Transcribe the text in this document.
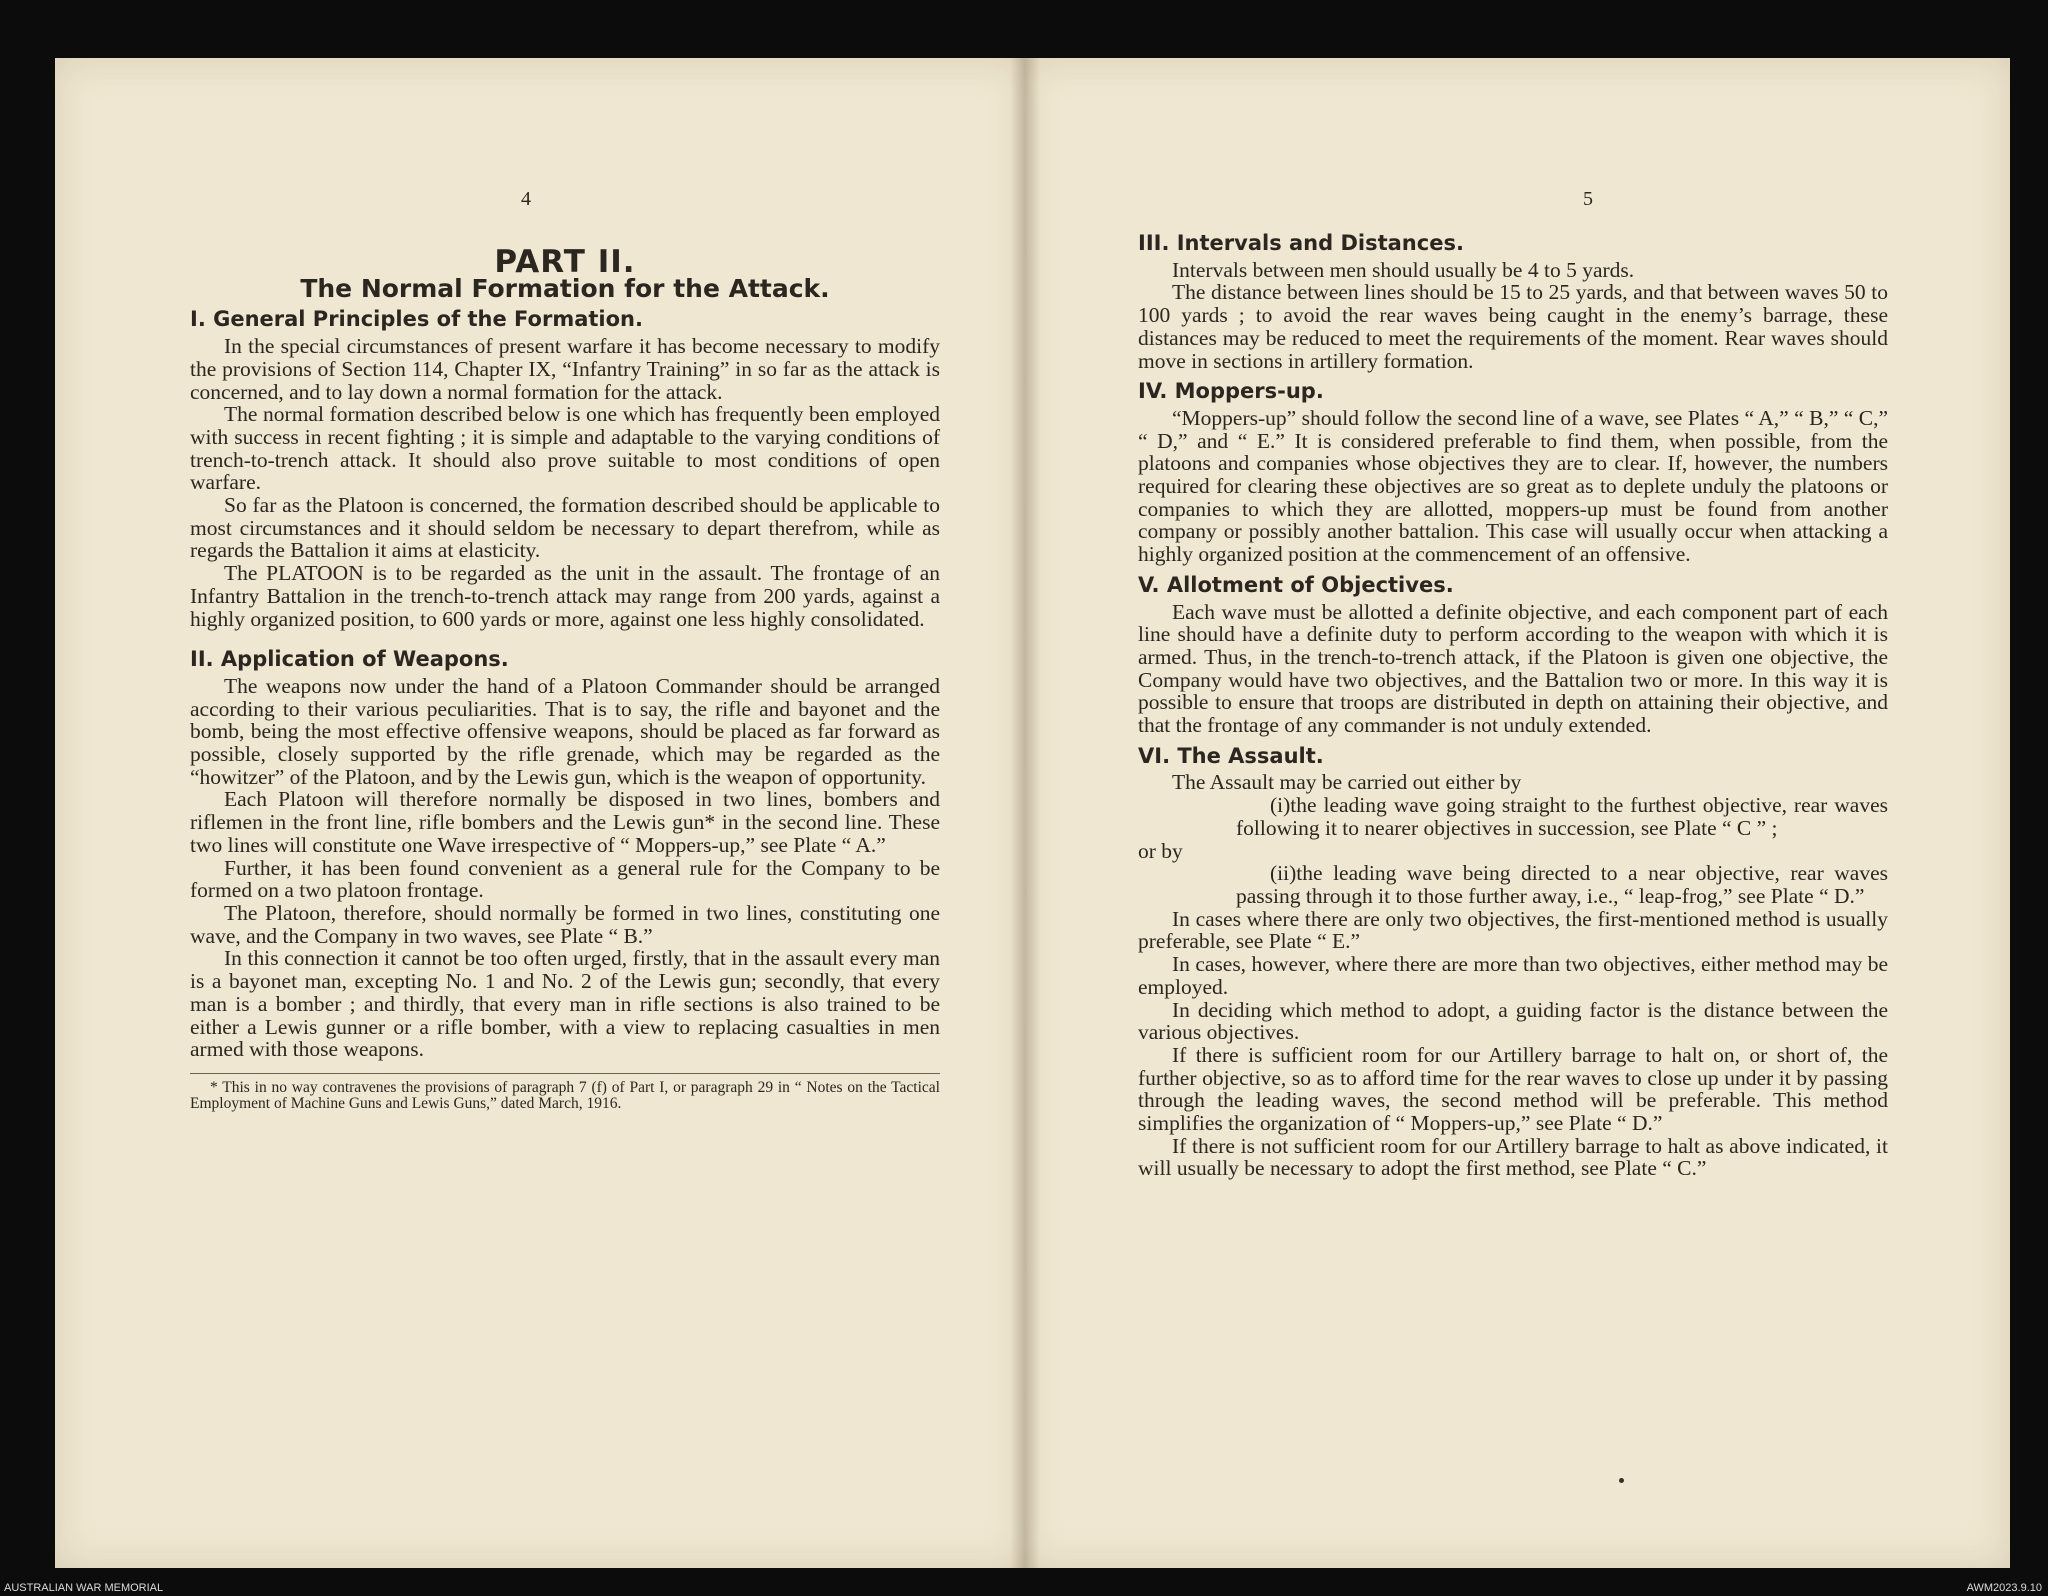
4
PART II.
The Normal Formation for the Attack.
I. General Principles of the Formation.

In the special circumstances of present warfare it has become necessary to modify the provisions of Section 114, Chapter IX, “Infantry Training” in so far as the attack is concerned, and to lay down a normal formation for the attack.

The normal formation described below is one which has frequently been employed with success in recent fighting ; it is simple and adaptable to the varying conditions of trench-to-trench attack. It should also prove suitable to most conditions of open warfare.

So far as the Platoon is concerned, the formation described should be applicable to most circumstances and it should seldom be necessary to depart therefrom, while as regards the Battalion it aims at elasticity.

The PLATOON is to be regarded as the unit in the assault. The frontage of an Infantry Battalion in the trench-to-trench attack may range from 200 yards, against a highly organized position, to 600 yards or more, against one less highly consolidated.

II. Application of Weapons.

The weapons now under the hand of a Platoon Commander should be arranged according to their various peculiarities. That is to say, the rifle and bayonet and the bomb, being the most effective offensive weapons, should be placed as far forward as possible, closely supported by the rifle grenade, which may be regarded as the “howitzer” of the Platoon, and by the Lewis gun, which is the weapon of opportunity.

Each Platoon will therefore normally be disposed in two lines, bombers and riflemen in the front line, rifle bombers and the Lewis gun* in the second line. These two lines will constitute one Wave irrespective of “ Moppers-up,” see Plate “ A.”

Further, it has been found convenient as a general rule for the Company to be formed on a two platoon frontage.

The Platoon, therefore, should normally be formed in two lines, constituting one wave, and the Company in two waves, see Plate “ B.”

In this connection it cannot be too often urged, firstly, that in the assault every man is a bayonet man, excepting No. 1 and No. 2 of the Lewis gun; secondly, that every man is a bomber ; and thirdly, that every man in rifle sections is also trained to be either a Lewis gunner or a rifle bomber, with a view to replacing casualties in men armed with those weapons.

* This in no way contravenes the provisions of paragraph 7 (f) of Part I, or paragraph 29 in “ Notes on the Tactical Employment of Machine Guns and Lewis Guns,” dated March, 1916.

5
III. Intervals and Distances.

Intervals between men should usually be 4 to 5 yards.

The distance between lines should be 15 to 25 yards, and that between waves 50 to 100 yards ; to avoid the rear waves being caught in the enemy’s barrage, these distances may be reduced to meet the requirements of the moment. Rear waves should move in sections in artillery formation.

IV. Moppers-up.

“Moppers-up” should follow the second line of a wave, see Plates “ A,” “ B,” “ C,” “ D,” and “ E.” It is considered preferable to find them, when possible, from the platoons and companies whose objectives they are to clear. If, however, the numbers required for clearing these objectives are so great as to deplete unduly the platoons or companies to which they are allotted, moppers-up must be found from another company or possibly another battalion. This case will usually occur when attacking a highly organized position at the commencement of an offensive.

V. Allotment of Objectives.

Each wave must be allotted a definite objective, and each component part of each line should have a definite duty to perform according to the weapon with which it is armed. Thus, in the trench-to-trench attack, if the Platoon is given one objective, the Company would have two objectives, and the Battalion two or more. In this way it is possible to ensure that troops are distributed in depth on attaining their objective, and that the frontage of any commander is not unduly extended.

VI. The Assault.

The Assault may be carried out either by

(i)the leading wave going straight to the furthest objective, rear waves following it to nearer objectives in succession, see Plate “ C ” ;

or by

(ii)the leading wave being directed to a near objective, rear waves passing through it to those further away, i.e., “ leap-frog,” see Plate “ D.”

In cases where there are only two objectives, the first-mentioned method is usually preferable, see Plate “ E.”

In cases, however, where there are more than two objectives, either method may be employed.

In deciding which method to adopt, a guiding factor is the distance between the various objectives.

If there is sufficient room for our Artillery barrage to halt on, or short of, the further objective, so as to afford time for the rear waves to close up under it by passing through the leading waves, the second method will be preferable. This method simplifies the organization of “ Moppers-up,” see Plate “ D.”

If there is not sufficient room for our Artillery barrage to halt as above indicated, it will usually be necessary to adopt the first method, see Plate “ C.”

AUSTRALIAN WAR MEMORIAL	AWM2023.9.10
